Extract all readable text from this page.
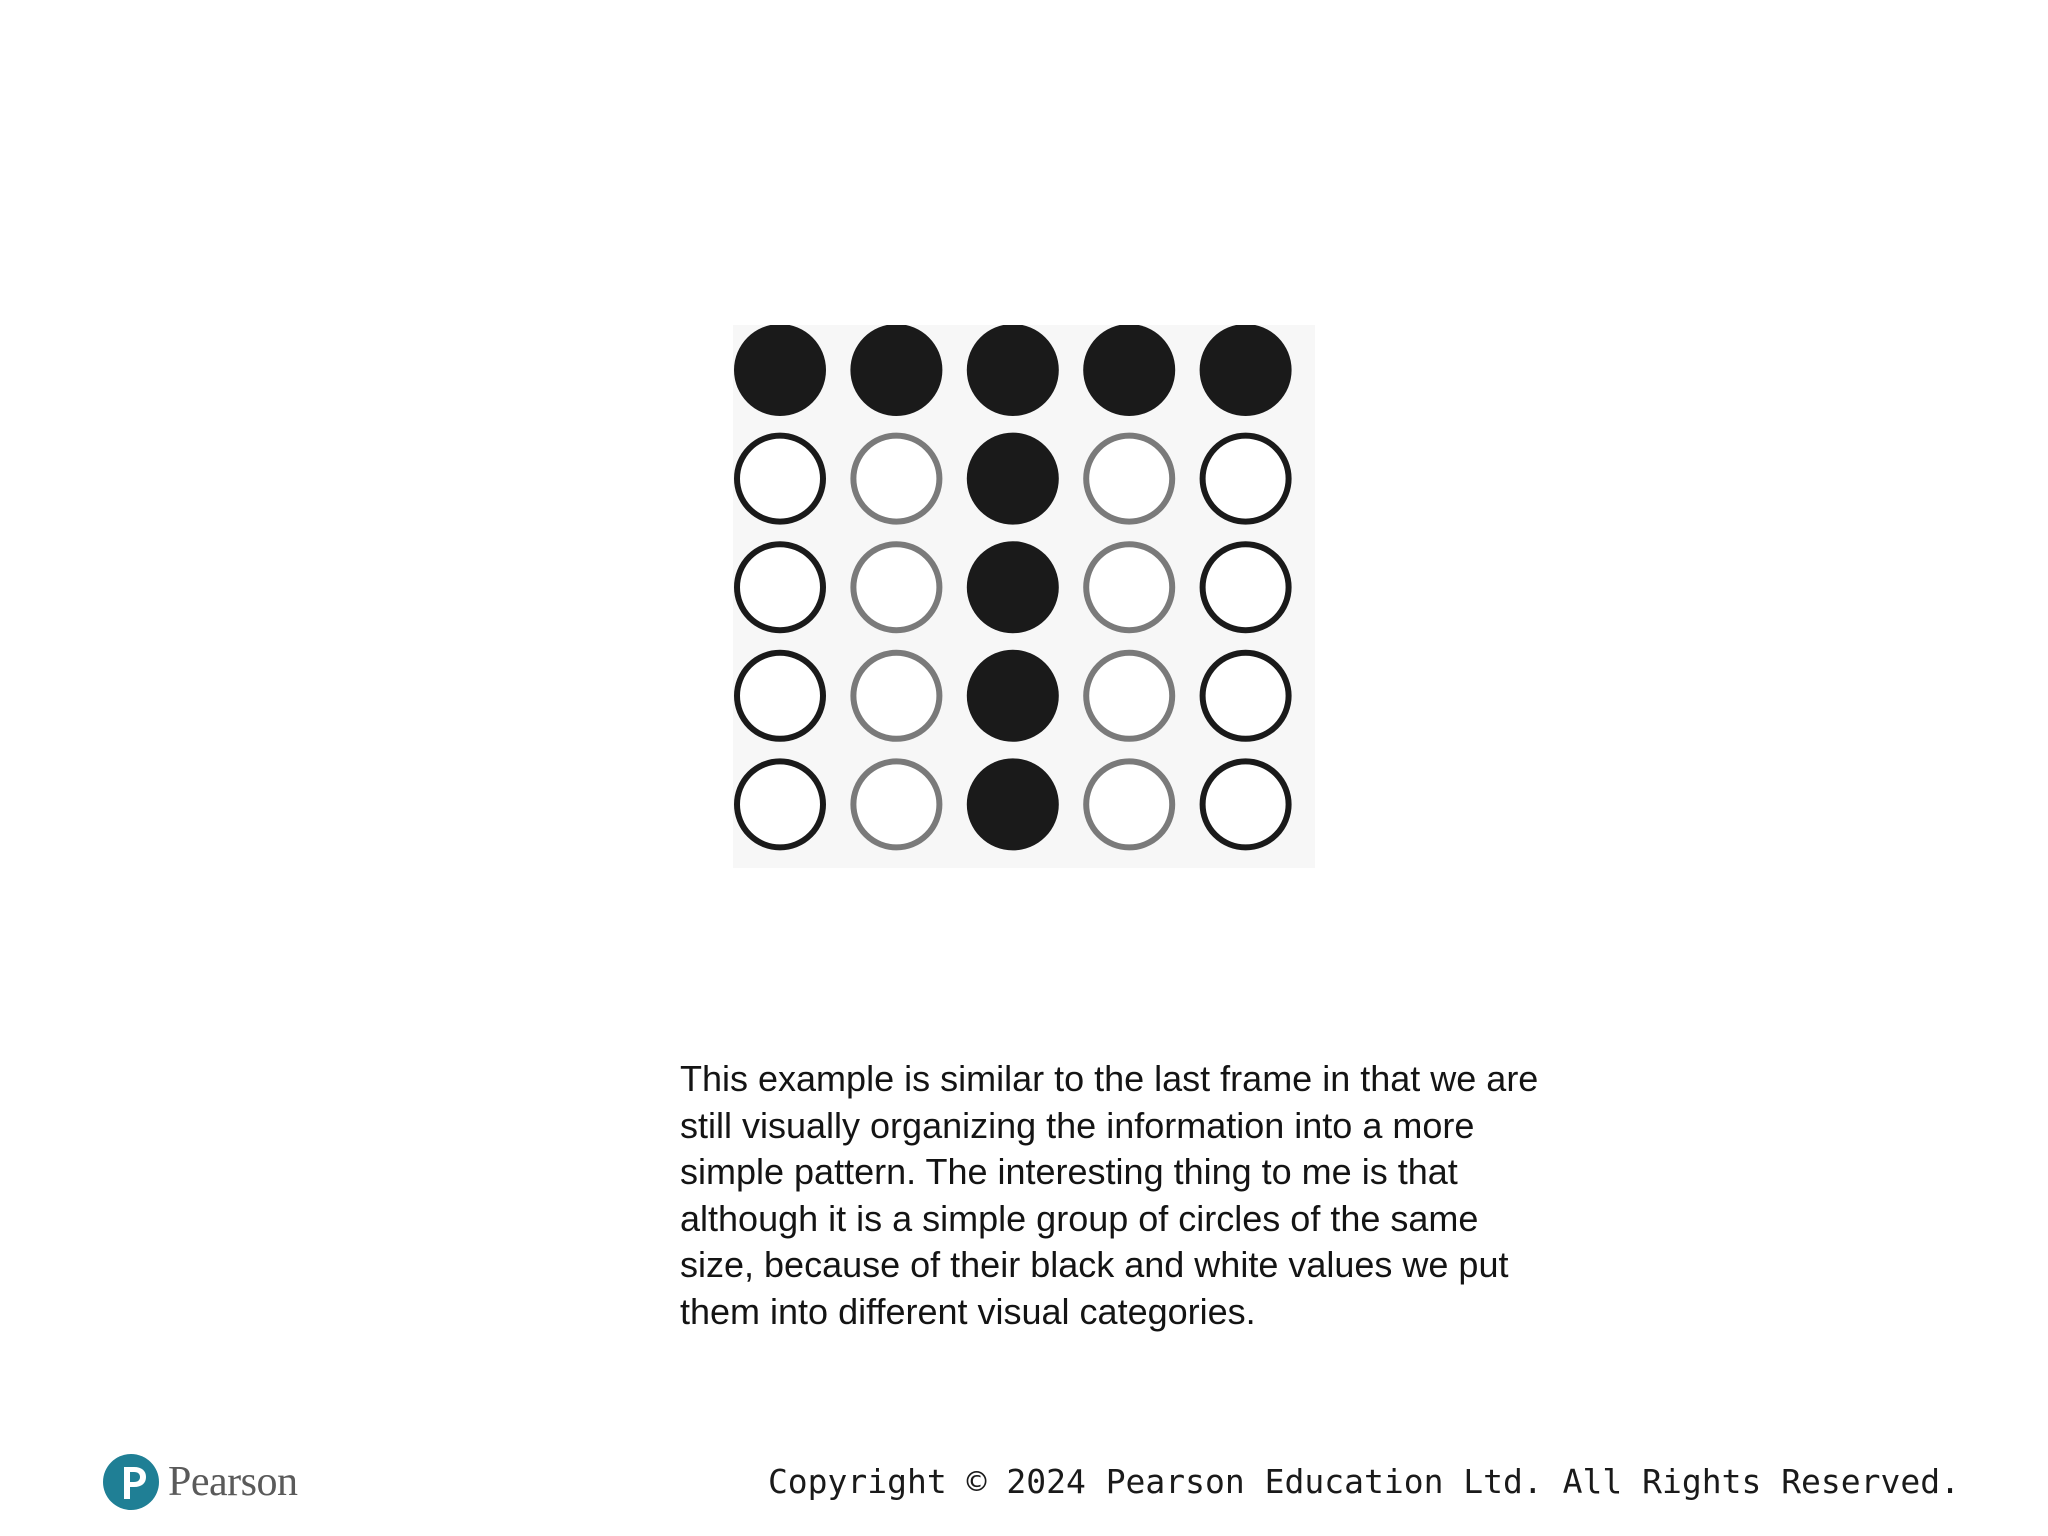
This example is similar to the last frame in that we are still visually organizing the information into a more simple pattern. The interesting thing to me is that although it is a simple group of circles of the same size, because of their black and white values we put them into different visual categories.

Pearson	Copyright © 2024 Pearson Education Ltd. All Rights Reserved.
